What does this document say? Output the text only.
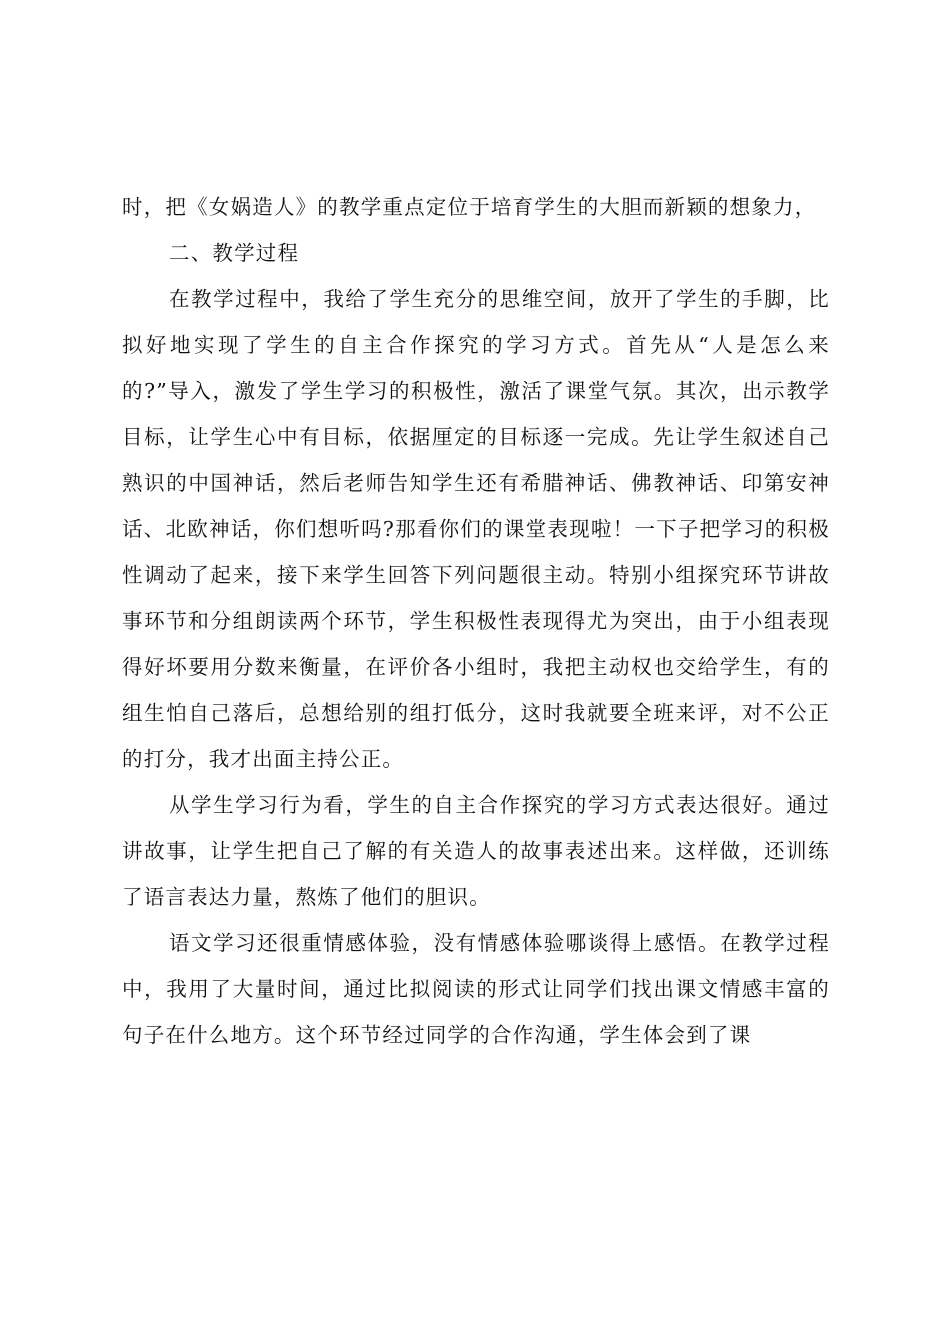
时，把《女娲造人》的教学重点定位于培育学生的大胆而新颖的想象力，

二、教学过程

在教学过程中，我给了学生充分的思维空间，放开了学生的手脚，比拟好地实现了学生的自主合作探究的学习方式。首先从“人是怎么来的?”导入，激发了学生学习的积极性，激活了课堂气氛。其次，出示教学目标，让学生心中有目标，依据厘定的目标逐一完成。先让学生叙述自己熟识的中国神话，然后老师告知学生还有希腊神话、佛教神话、印第安神话、北欧神话，你们想听吗?那看你们的课堂表现啦！一下子把学习的积极性调动了起来，接下来学生回答下列问题很主动。特别小组探究环节讲故事环节和分组朗读两个环节，学生积极性表现得尤为突出，由于小组表现得好坏要用分数来衡量，在评价各小组时，我把主动权也交给学生，有的组生怕自己落后，总想给别的组打低分，这时我就要全班来评，对不公正的打分，我才出面主持公正。

从学生学习行为看，学生的自主合作探究的学习方式表达很好。通过讲故事，让学生把自己了解的有关造人的故事表述出来。这样做，还训练了语言表达力量，熬炼了他们的胆识。

语文学习还很重情感体验，没有情感体验哪谈得上感悟。在教学过程中，我用了大量时间，通过比拟阅读的形式让同学们找出课文情感丰富的句子在什么地方。这个环节经过同学的合作沟通，学生体会到了课
